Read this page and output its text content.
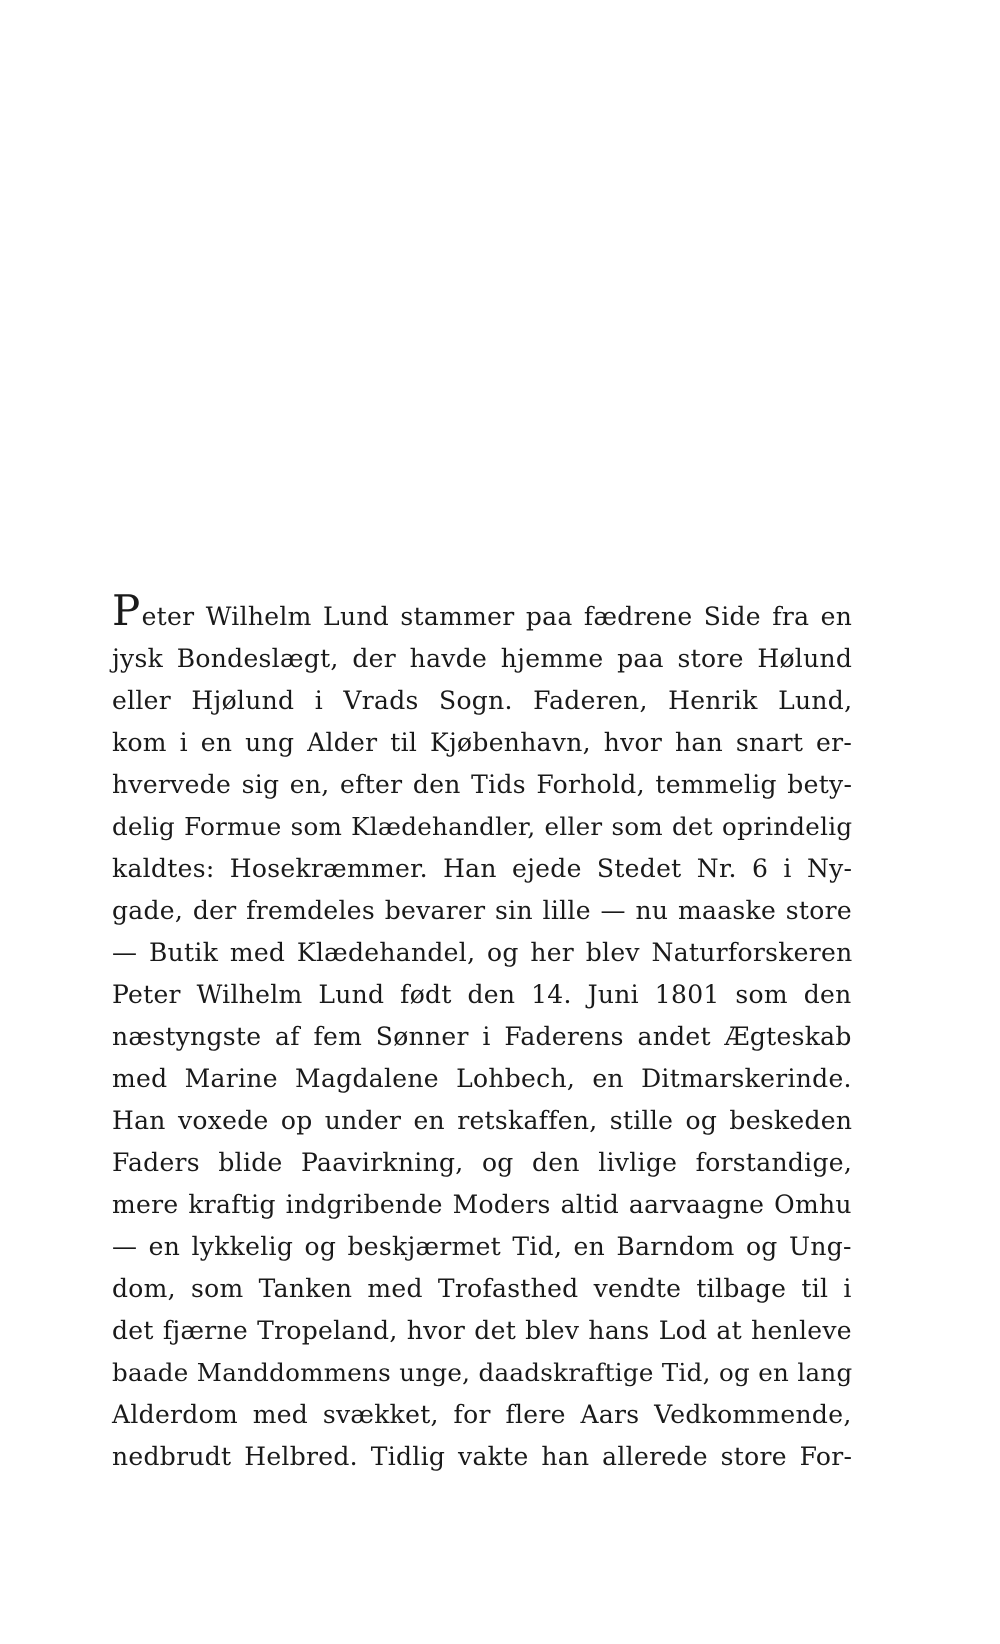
Peter Wilhelm Lund stammer paa fædrene Side fra en
jysk Bondeslægt, der havde hjemme paa store Hølund
eller Hjølund i Vrads Sogn. Faderen, Henrik Lund,
kom i en ung Alder til Kjøbenhavn, hvor han snart er-
hvervede sig en, efter den Tids Forhold, temmelig bety-
delig Formue som Klædehandler, eller som det oprindelig
kaldtes: Hosekræmmer. Han ejede Stedet Nr. 6 i Ny-
gade, der fremdeles bevarer sin lille — nu maaske store
— Butik med Klædehandel, og her blev Naturforskeren
Peter Wilhelm Lund født den 14. Juni 1801 som den
næstyngste af fem Sønner i Faderens andet Ægteskab
med Marine Magdalene Lohbech, en Ditmarskerinde.
Han voxede op under en retskaffen, stille og beskeden
Faders blide Paavirkning, og den livlige forstandige,
mere kraftig indgribende Moders altid aarvaagne Omhu
— en lykkelig og beskjærmet Tid, en Barndom og Ung-
dom, som Tanken med Trofasthed vendte tilbage til i
det fjærne Tropeland, hvor det blev hans Lod at henleve
baade Manddommens unge, daadskraftige Tid, og en lang
Alderdom med svækket, for flere Aars Vedkommende,
nedbrudt Helbred. Tidlig vakte han allerede store For-
